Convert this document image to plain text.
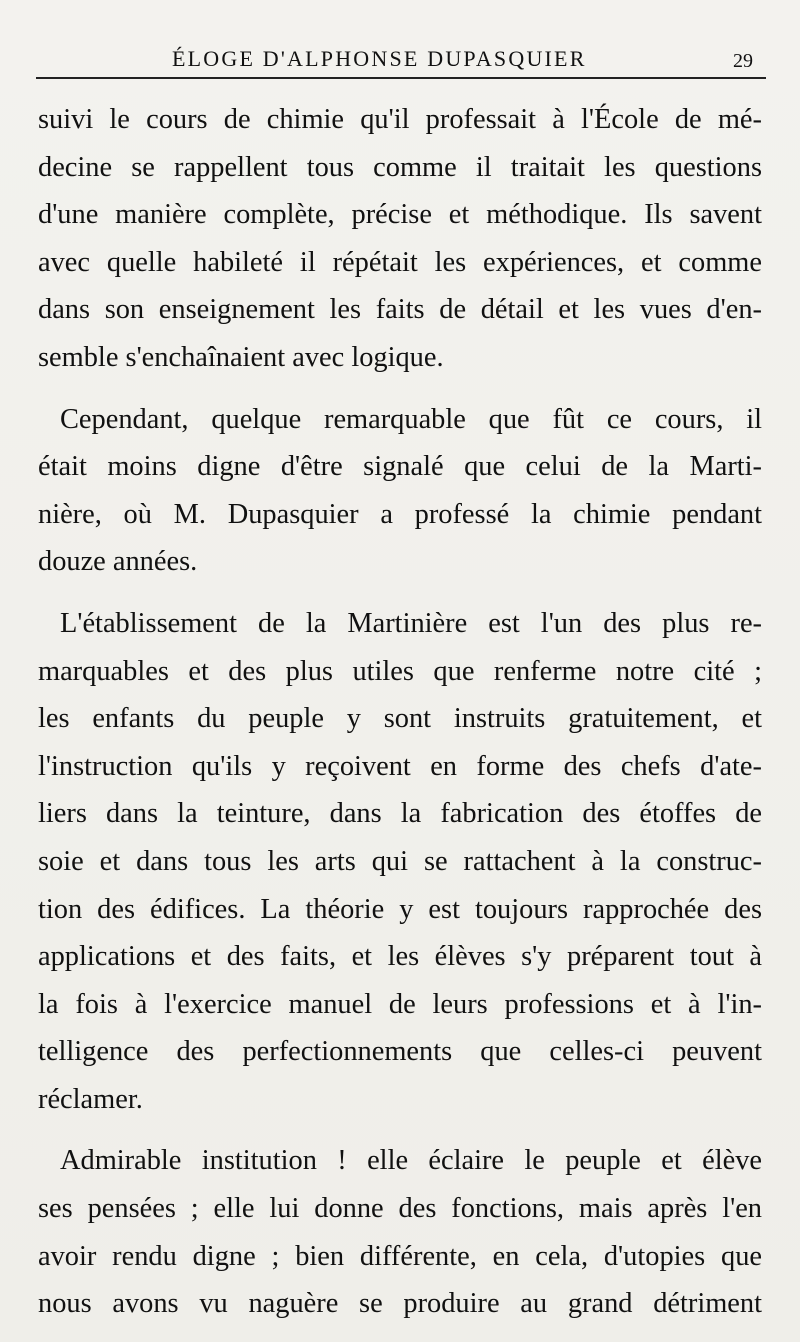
ÉLOGE D'ALPHONSE DUPASQUIER	29

suivi le cours de chimie qu'il professait à l'École de mé-
decine se rappellent tous comme il traitait les questions
d'une manière complète, précise et méthodique. Ils savent
avec quelle habileté il répétait les expériences, et comme
dans son enseignement les faits de détail et les vues d'en-
semble s'enchaînaient avec logique.

Cependant, quelque remarquable que fût ce cours, il
était moins digne d'être signalé que celui de la Marti-
nière, où M. Dupasquier a professé la chimie pendant
douze années.

L'établissement de la Martinière est l'un des plus re-
marquables et des plus utiles que renferme notre cité ;
les enfants du peuple y sont instruits gratuitement, et
l'instruction qu'ils y reçoivent en forme des chefs d'ate-
liers dans la teinture, dans la fabrication des étoffes de
soie et dans tous les arts qui se rattachent à la construc-
tion des édifices. La théorie y est toujours rapprochée des
applications et des faits, et les élèves s'y préparent tout à
la fois à l'exercice manuel de leurs professions et à l'in-
telligence des perfectionnements que celles-ci peuvent
réclamer.

Admirable institution ! elle éclaire le peuple et élève
ses pensées ; elle lui donne des fonctions, mais après l'en
avoir rendu digne ; bien différente, en cela, d'utopies que
nous avons vu naguère se produire au grand détriment
